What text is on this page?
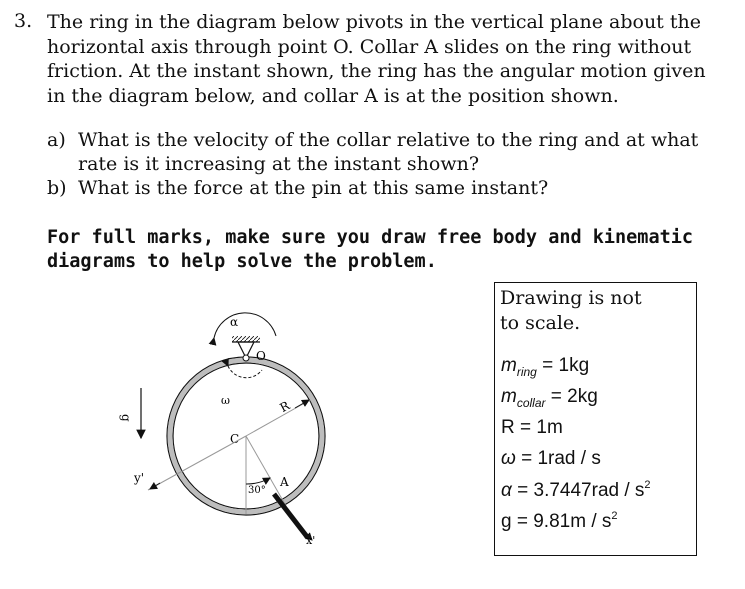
3. The ring in the diagram below pivots in the vertical plane about the
horizontal axis through point O. Collar A slides on the ring without
friction. At the instant shown, the ring has the angular motion given
in the diagram below, and collar A is at the position shown.
a) What is the velocity of the collar relative to the ring and at what
rate is it increasing at the instant shown?
b) What is the force at the pin at this same instant?
For full marks, make sure you draw free body and kinematic
diagrams to help solve the problem.
Drawing is not
to scale.
$m_{ring} = 1kg$
$m_{collar} = 2kg$
R = 1m
ω = 1rad / s
$\alpha = 3.7447rad / s^2$
$g = 9.81m / s^2$
g
O
α
ω	R
C
y'
30°
A
x'
